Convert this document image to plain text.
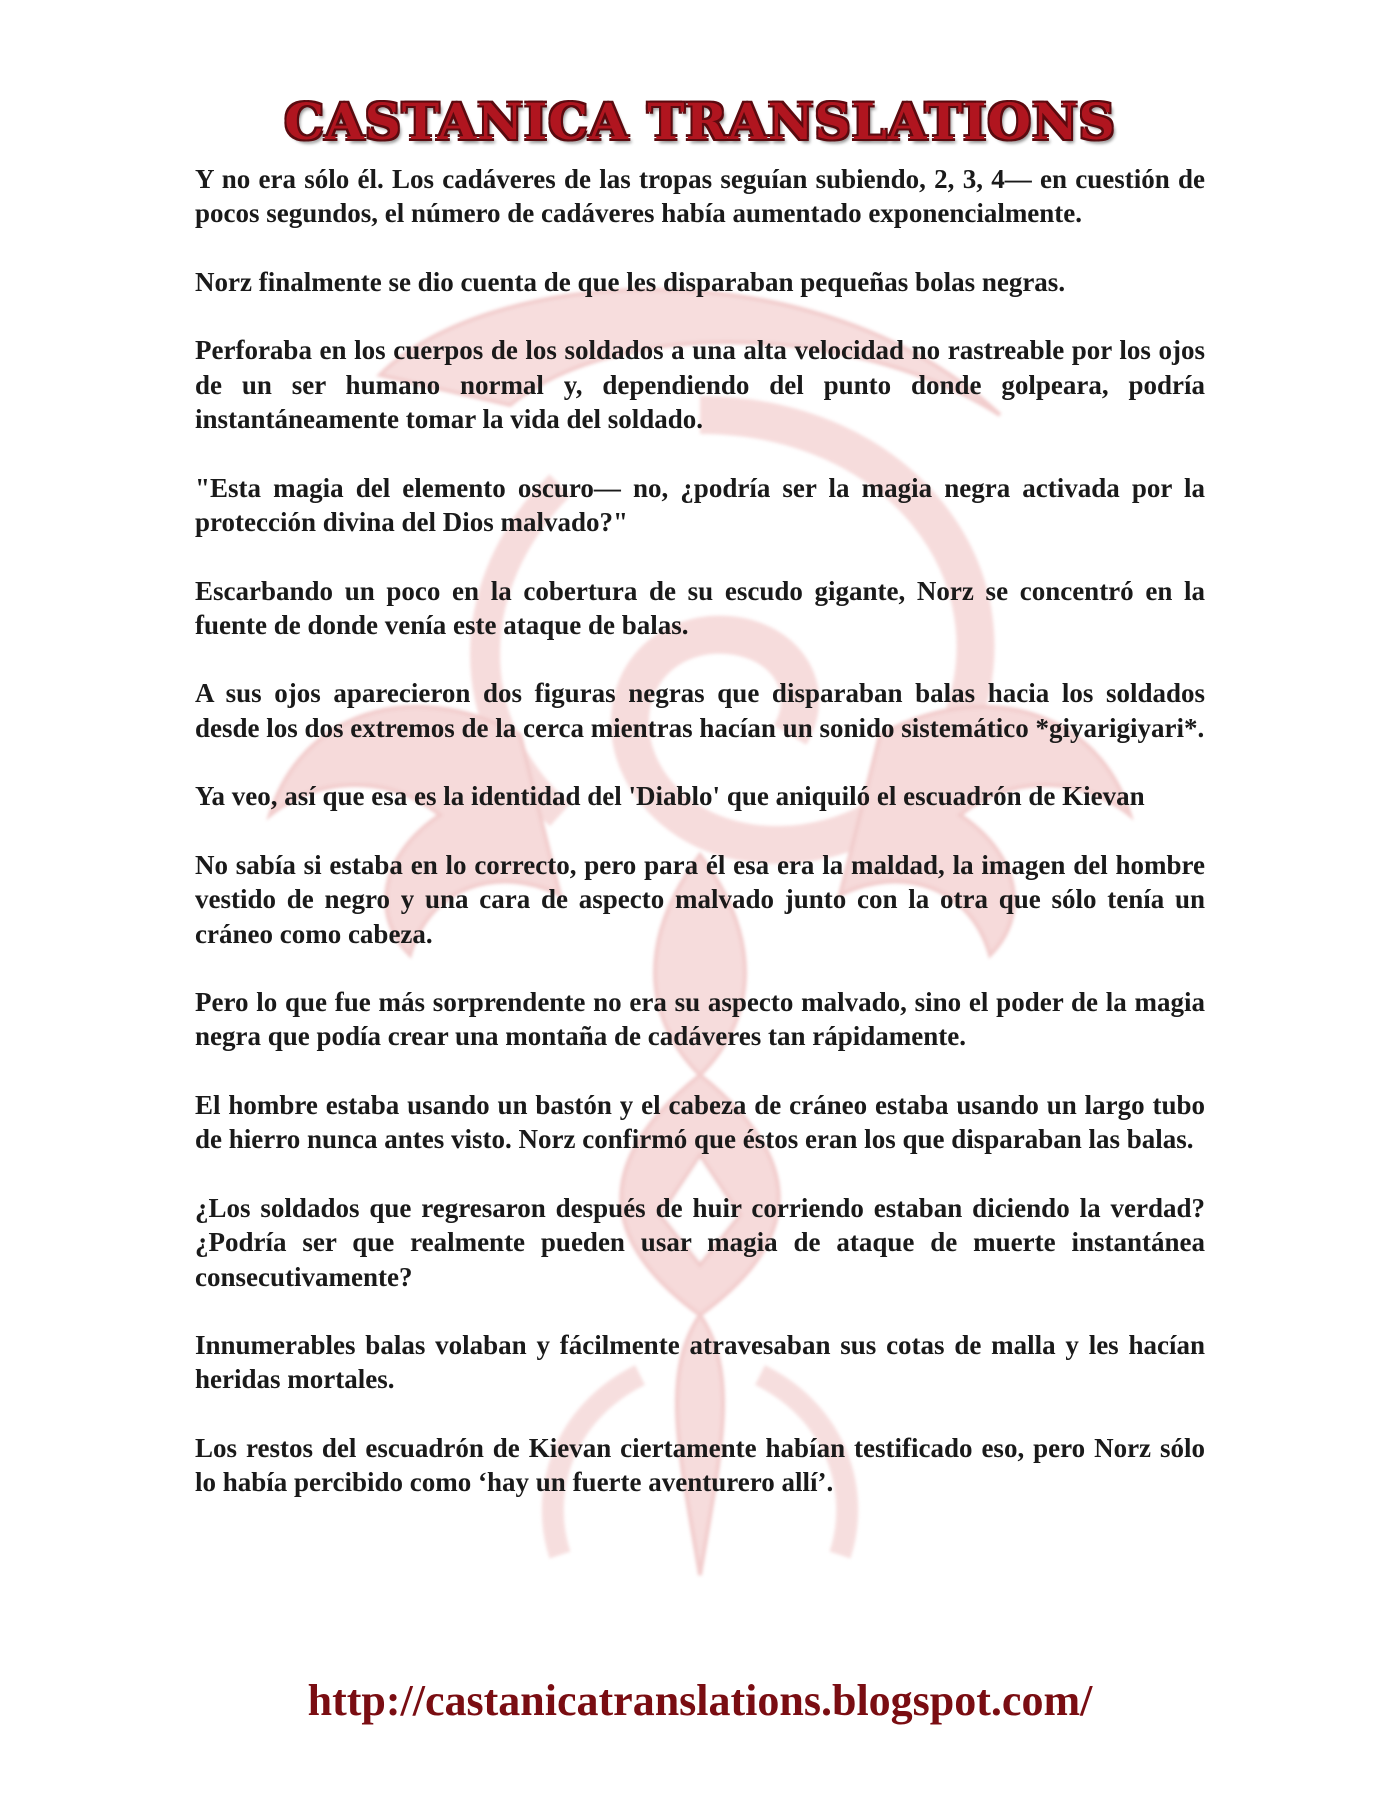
CASTANICA TRANSLATIONS

Y no era sólo él. Los cadáveres de las tropas seguían subiendo, 2, 3, 4— en cuestión de pocos segundos, el número de cadáveres había aumentado exponencialmente.

Norz finalmente se dio cuenta de que les disparaban pequeñas bolas negras.

Perforaba en los cuerpos de los soldados a una alta velocidad no rastreable por los ojos de un ser humano normal y, dependiendo del punto donde golpeara, podría instantáneamente tomar la vida del soldado.

"Esta magia del elemento oscuro— no, ¿podría ser la magia negra activada por la protección divina del Dios malvado?"

Escarbando un poco en la cobertura de su escudo gigante, Norz se concentró en la fuente de donde venía este ataque de balas.

A sus ojos aparecieron dos figuras negras que disparaban balas hacia los soldados desde los dos extremos de la cerca mientras hacían un sonido sistemático *giyarigiyari*.

Ya veo, así que esa es la identidad del 'Diablo' que aniquiló el escuadrón de Kievan

No sabía si estaba en lo correcto, pero para él esa era la maldad, la imagen del hombre vestido de negro y una cara de aspecto malvado junto con la otra que sólo tenía un cráneo como cabeza.

Pero lo que fue más sorprendente no era su aspecto malvado, sino el poder de la magia negra que podía crear una montaña de cadáveres tan rápidamente.

El hombre estaba usando un bastón y el cabeza de cráneo estaba usando un largo tubo de hierro nunca antes visto. Norz confirmó que éstos eran los que disparaban las balas.

¿Los soldados que regresaron después de huir corriendo estaban diciendo la verdad? ¿Podría ser que realmente pueden usar magia de ataque de muerte instantánea consecutivamente?

Innumerables balas volaban y fácilmente atravesaban sus cotas de malla y les hacían heridas mortales.

Los restos del escuadrón de Kievan ciertamente habían testificado eso, pero Norz sólo lo había percibido como ‘hay un fuerte aventurero allí’.

http://castanicatranslations.blogspot.com/
